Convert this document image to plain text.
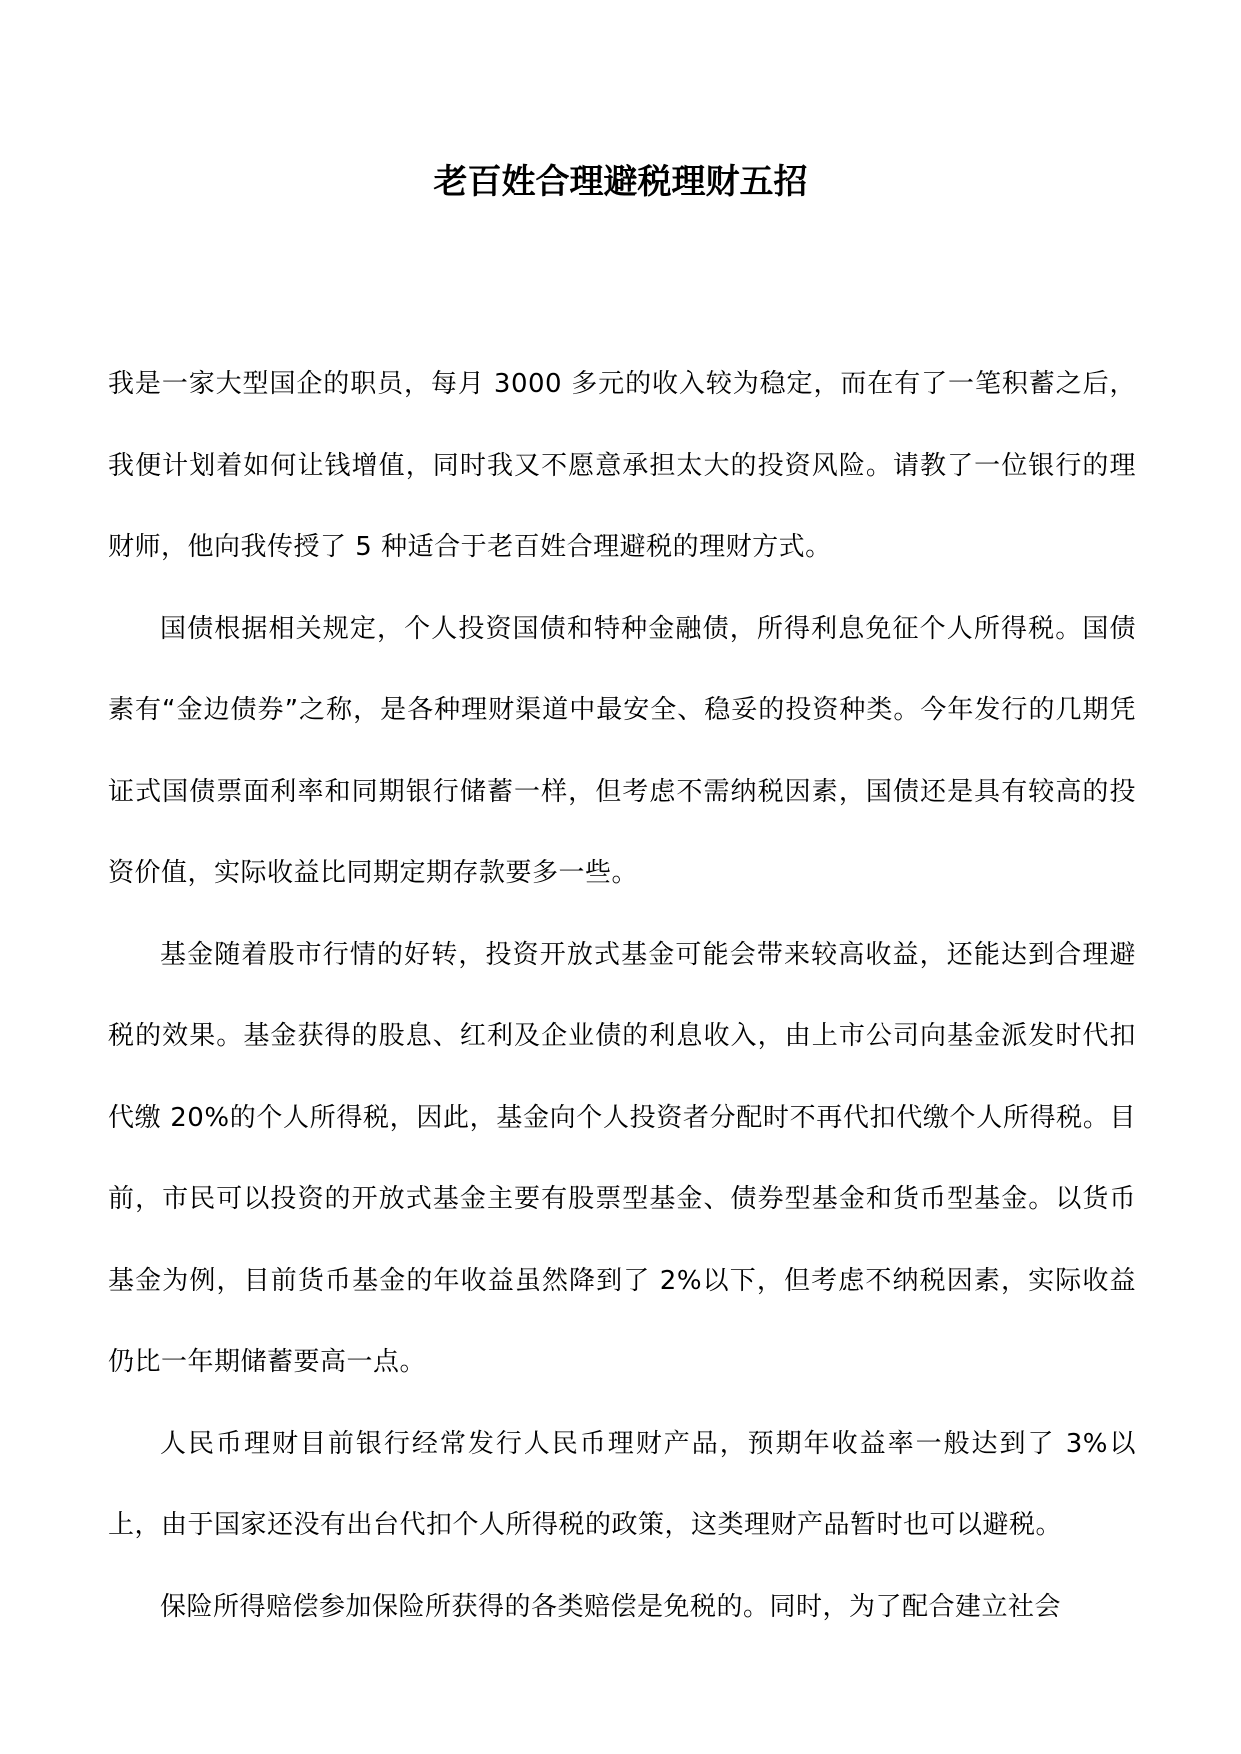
老百姓合理避税理财五招

我是一家大型国企的职员，每月 3000 多元的收入较为稳定，而在有了一笔积蓄之后，我便计划着如何让钱增值，同时我又不愿意承担太大的投资风险。请教了一位银行的理财师，他向我传授了 5 种适合于老百姓合理避税的理财方式。

国债根据相关规定，个人投资国债和特种金融债，所得利息免征个人所得税。国债素有“金边债券”之称，是各种理财渠道中最安全、稳妥的投资种类。今年发行的几期凭证式国债票面利率和同期银行储蓄一样，但考虑不需纳税因素，国债还是具有较高的投资价值，实际收益比同期定期存款要多一些。

基金随着股市行情的好转，投资开放式基金可能会带来较高收益，还能达到合理避税的效果。基金获得的股息、红利及企业债的利息收入，由上市公司向基金派发时代扣代缴 20%的个人所得税，因此，基金向个人投资者分配时不再代扣代缴个人所得税。目前，市民可以投资的开放式基金主要有股票型基金、债券型基金和货币型基金。以货币基金为例，目前货币基金的年收益虽然降到了 2%以下，但考虑不纳税因素，实际收益仍比一年期储蓄要高一点。

人民币理财目前银行经常发行人民币理财产品，预期年收益率一般达到了 3%以上，由于国家还没有出台代扣个人所得税的政策，这类理财产品暂时也可以避税。

保险所得赔偿参加保险所获得的各类赔偿是免税的。同时，为了配合建立社会
